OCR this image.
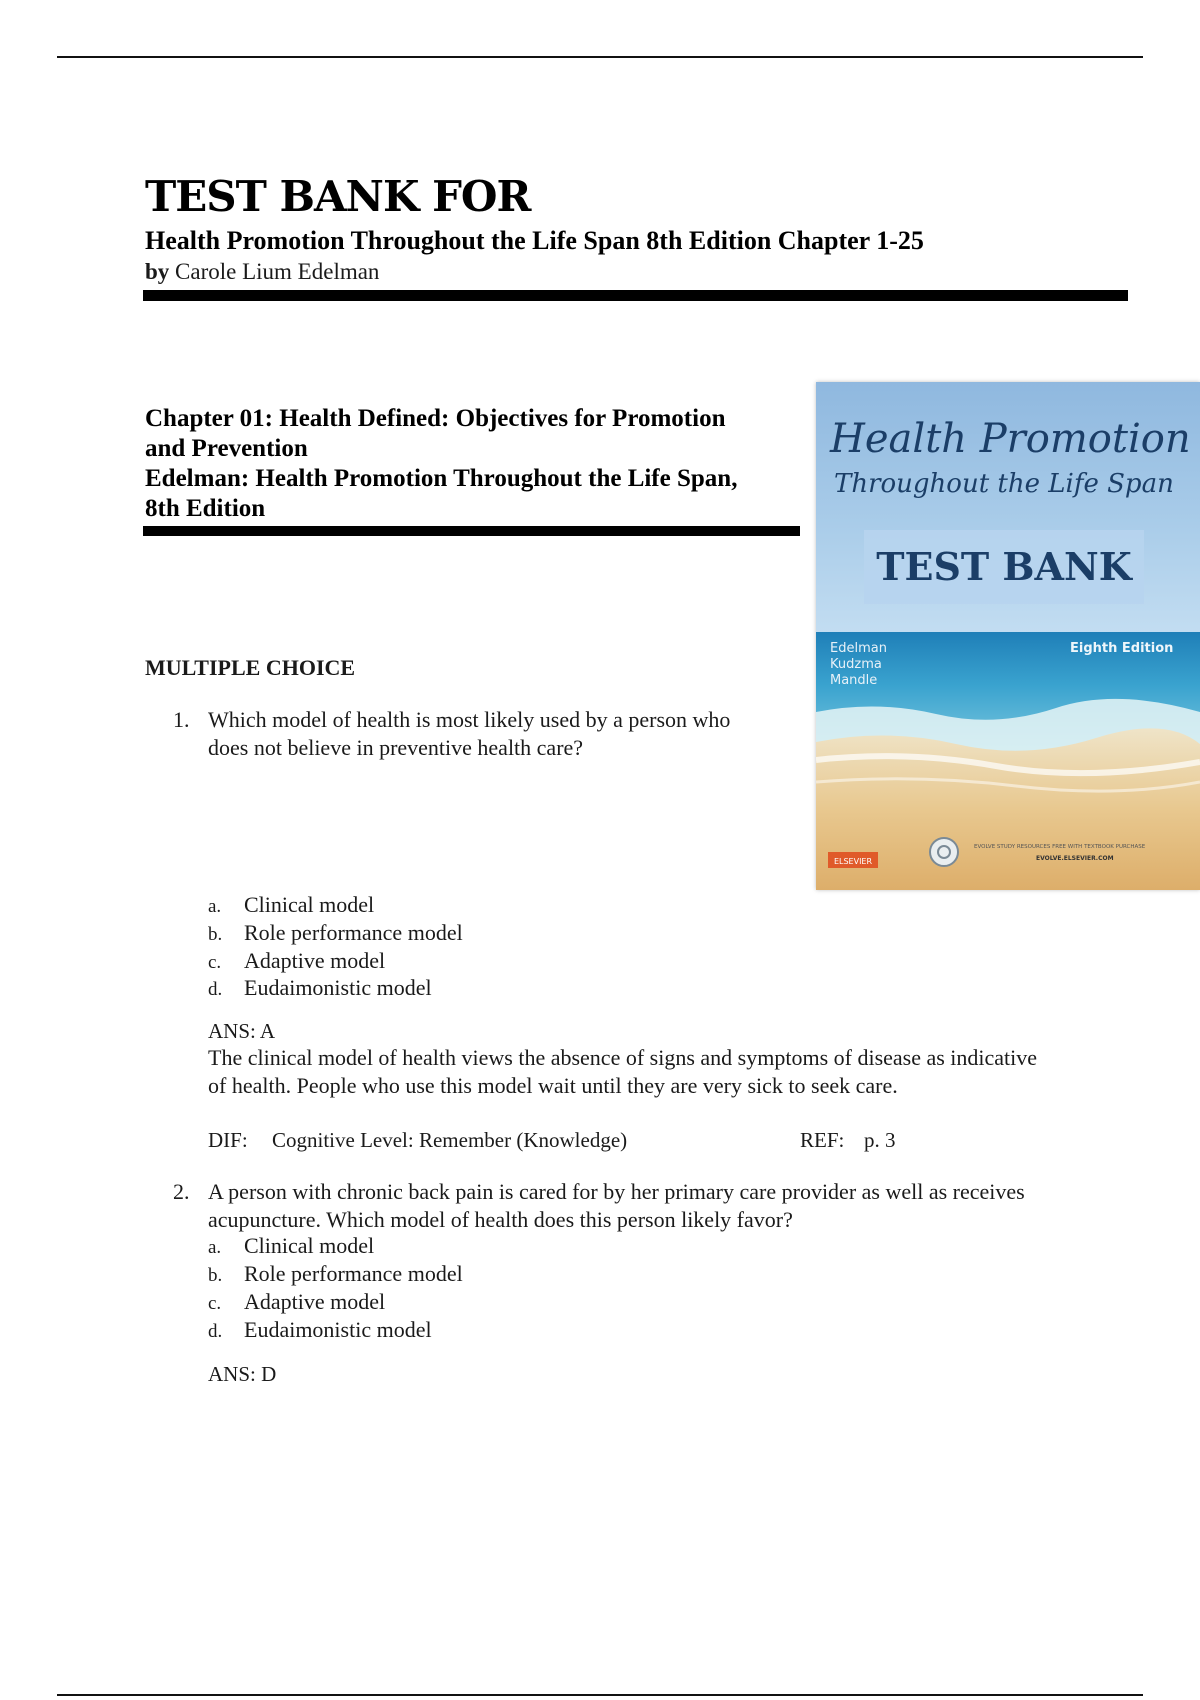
TEST BANK FOR
Health Promotion Throughout the Life Span 8th Edition Chapter 1-25
by Carole Lium Edelman
Chapter 01: Health Defined: Objectives for Promotion
and Prevention
Edelman: Health Promotion Throughout the Life Span,
8th Edition
Health Promotion
Throughout the Life Span
TEST BANK
Edelman
Kudzma
Mandle
Eighth Edition
ELSEVIER
EVOLVE STUDY RESOURCES FREE WITH TEXTBOOK PURCHASE
EVOLVE.ELSEVIER.COM
MULTIPLE CHOICE
1. Which model of health is most likely used by a person who
does not believe in preventive health care?
a. Clinical model
b. Role performance model
c. Adaptive model
d. Eudaimonistic model
ANS: A
The clinical model of health views the absence of signs and symptoms of disease as indicative
of health. People who use this model wait until they are very sick to seek care.
DIF: Cognitive Level: Remember (Knowledge)	REF: p. 3
2. A person with chronic back pain is cared for by her primary care provider as well as receives
acupuncture. Which model of health does this person likely favor?
a. Clinical model
b. Role performance model
c. Adaptive model
d. Eudaimonistic model
ANS: D
